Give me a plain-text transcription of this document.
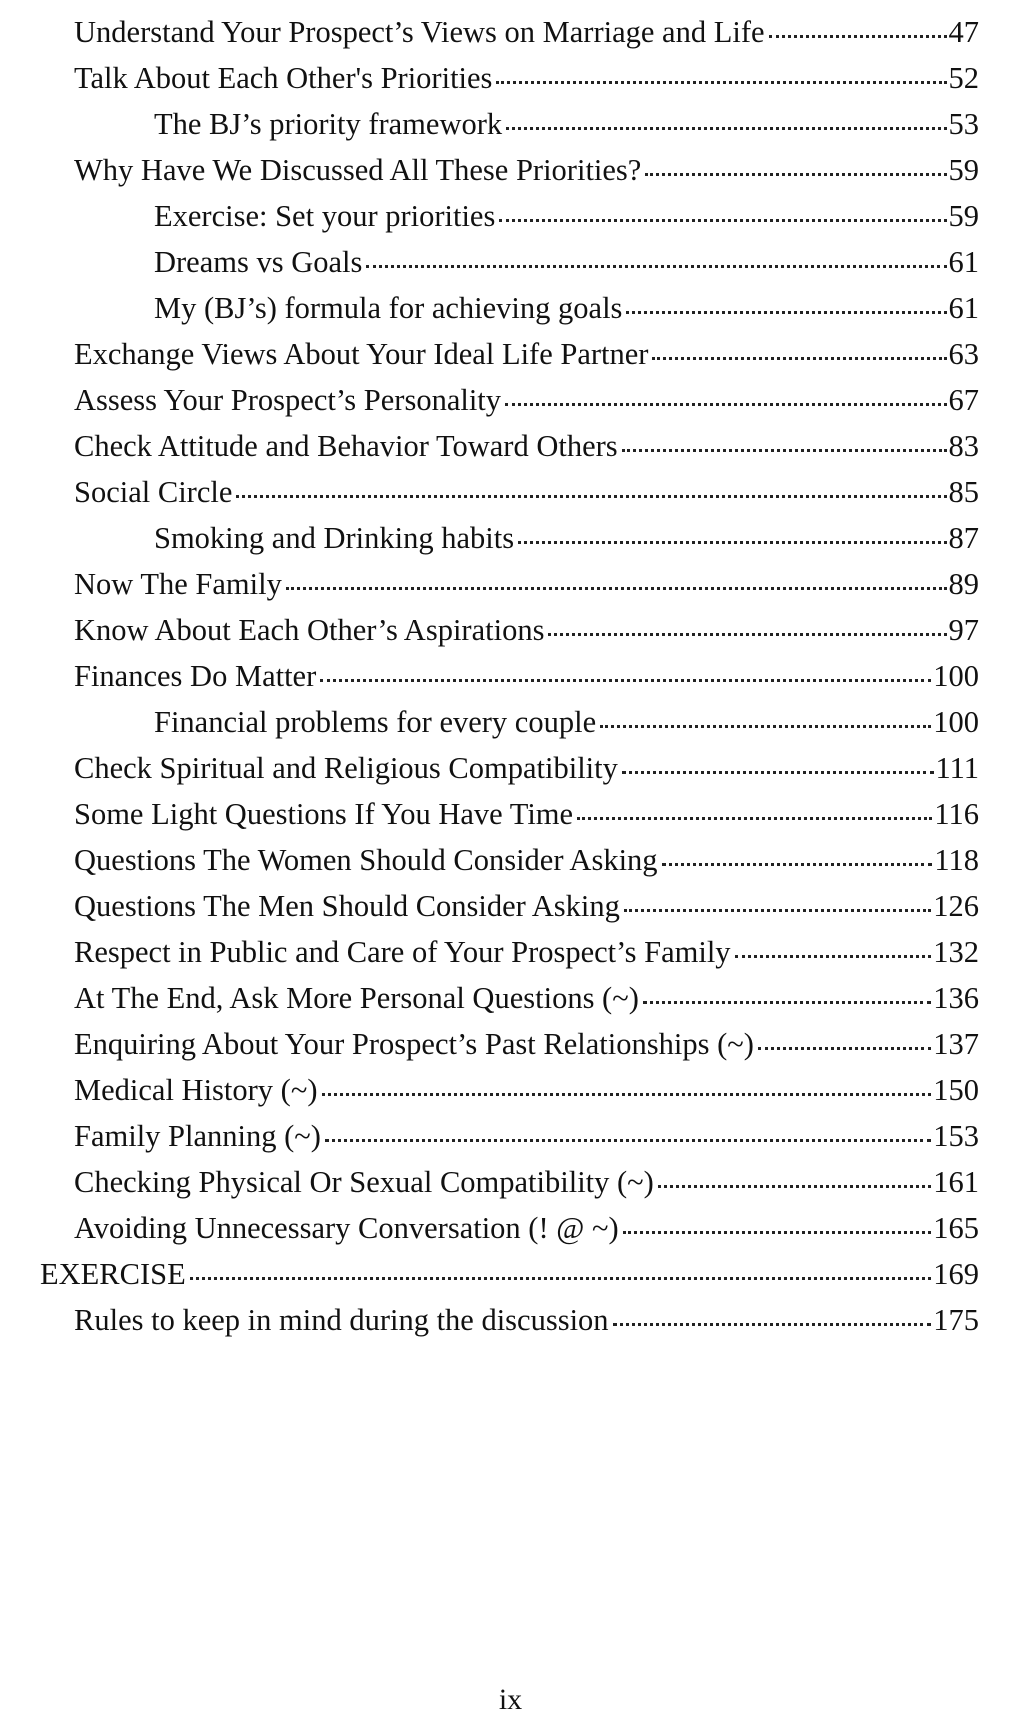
Understand Your Prospect’s Views on Marriage and Life	47
Talk About Each Other's Priorities	52
The BJ’s priority framework	53
Why Have We Discussed All These Priorities?	59
Exercise: Set your priorities	59
Dreams vs Goals	61
My (BJ’s) formula for achieving goals	61
Exchange Views About Your Ideal Life Partner	63
Assess Your Prospect’s Personality	67
Check Attitude and Behavior Toward Others	83
Social Circle	85
Smoking and Drinking habits	87
Now The Family	89
Know About Each Other’s Aspirations	97
Finances Do Matter	100
Financial problems for every couple	100
Check Spiritual and Religious Compatibility	111
Some Light Questions If You Have Time	116
Questions The Women Should Consider Asking	118
Questions The Men Should Consider Asking	126
Respect in Public and Care of Your Prospect’s Family	132
At The End, Ask More Personal Questions (~)	136
Enquiring About Your Prospect’s Past Relationships (~)	137
Medical History (~)	150
Family Planning (~)	153
Checking Physical Or Sexual Compatibility (~)	161
Avoiding Unnecessary Conversation (! @ ~)	165
EXERCISE	169
Rules to keep in mind during the discussion	175
ix
